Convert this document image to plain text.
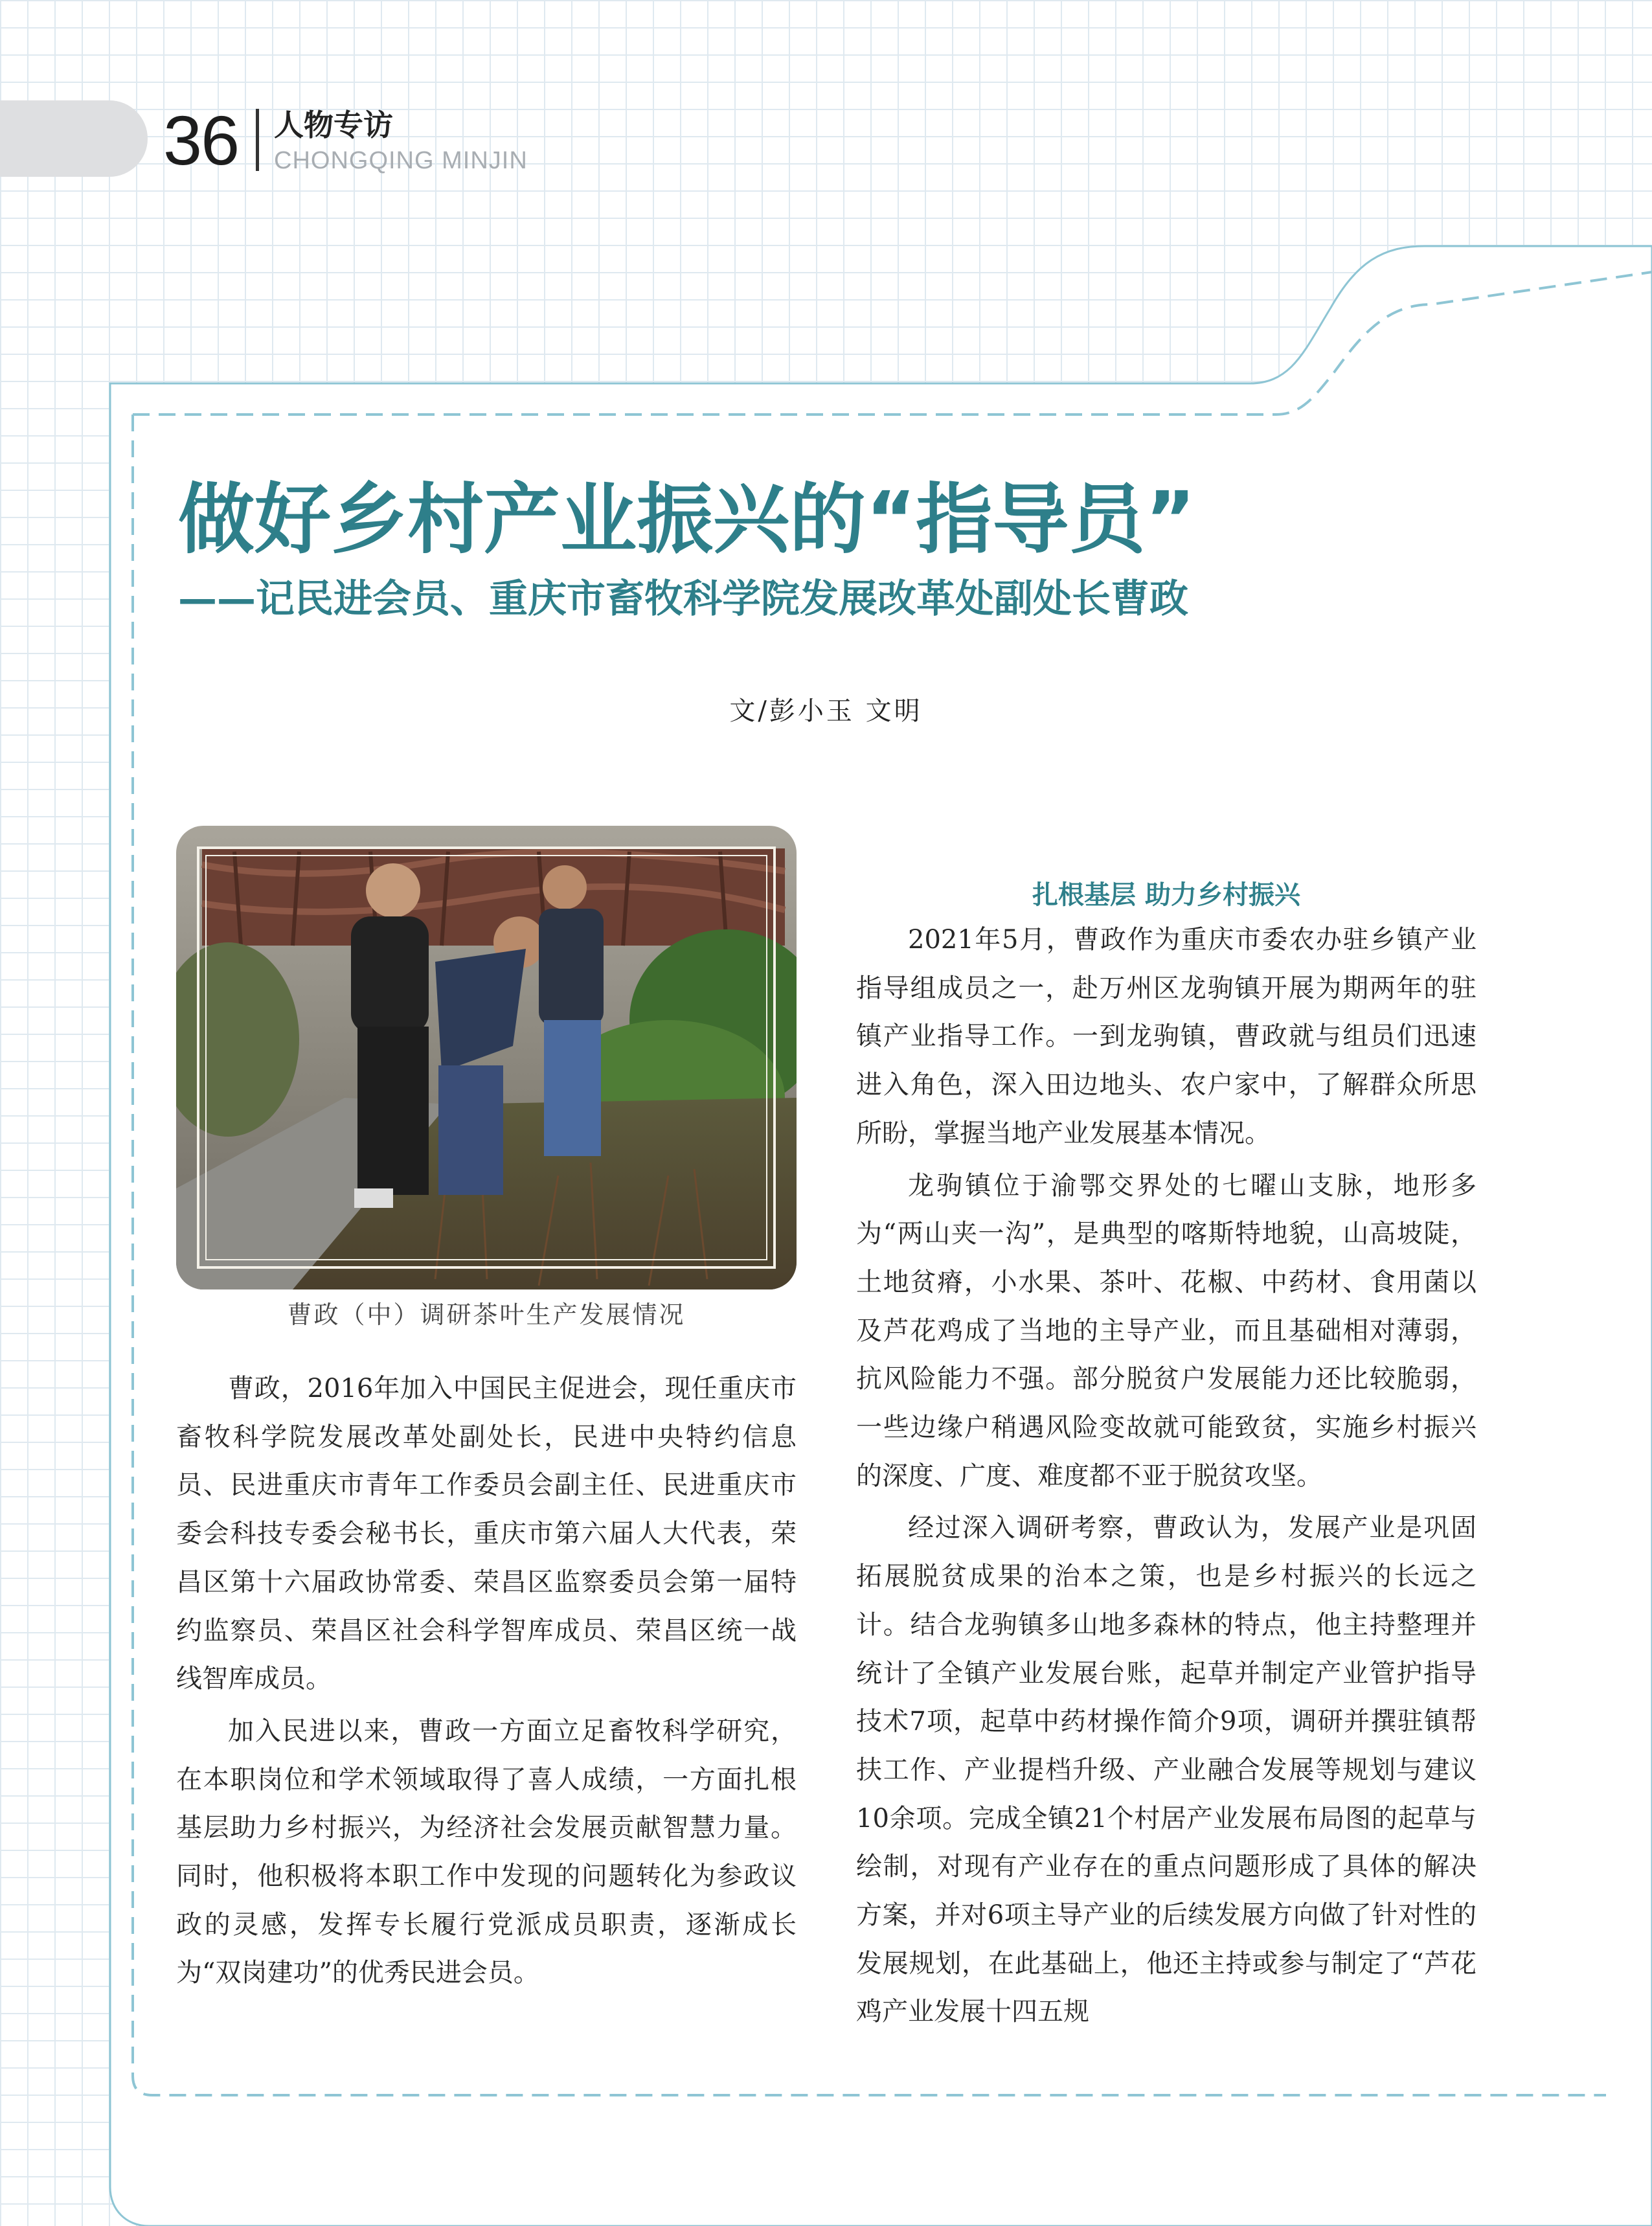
36 人物专访
CHONGQING MINJIN
做好乡村产业振兴的“指导员”
——记民进会员、重庆市畜牧科学院发展改革处副处长曹政
文/彭小玉 文明
曹政（中）调研茶叶生产发展情况

曹政，2016年加入中国民主促进会，现任重庆市畜牧科学院发展改革处副处长，民进中央特约信息员、民进重庆市青年工作委员会副主任、民进重庆市委会科技专委会秘书长，重庆市第六届人大代表，荣昌区第十六届政协常委、荣昌区监察委员会第一届特约监察员、荣昌区社会科学智库成员、荣昌区统一战线智库成员。

加入民进以来，曹政一方面立足畜牧科学研究，在本职岗位和学术领域取得了喜人成绩，一方面扎根基层助力乡村振兴，为经济社会发展贡献智慧力量。同时，他积极将本职工作中发现的问题转化为参政议政的灵感，发挥专长履行党派成员职责，逐渐成长为“双岗建功”的优秀民进会员。

扎根基层 助力乡村振兴

2021年5月，曹政作为重庆市委农办驻乡镇产业指导组成员之一，赴万州区龙驹镇开展为期两年的驻镇产业指导工作。一到龙驹镇，曹政就与组员们迅速进入角色，深入田边地头、农户家中，了解群众所思所盼，掌握当地产业发展基本情况。

龙驹镇位于渝鄂交界处的七曜山支脉，地形多为“两山夹一沟”，是典型的喀斯特地貌，山高坡陡，土地贫瘠，小水果、茶叶、花椒、中药材、食用菌以及芦花鸡成了当地的主导产业，而且基础相对薄弱，抗风险能力不强。部分脱贫户发展能力还比较脆弱，一些边缘户稍遇风险变故就可能致贫，实施乡村振兴的深度、广度、难度都不亚于脱贫攻坚。

经过深入调研考察，曹政认为，发展产业是巩固拓展脱贫成果的治本之策，也是乡村振兴的长远之计。结合龙驹镇多山地多森林的特点，他主持整理并统计了全镇产业发展台账，起草并制定产业管护指导技术7项，起草中药材操作简介9项，调研并撰驻镇帮扶工作、产业提档升级、产业融合发展等规划与建议10余项。完成全镇21个村居产业发展布局图的起草与绘制，对现有产业存在的重点问题形成了具体的解决方案，并对6项主导产业的后续发展方向做了针对性的发展规划，在此基础上，他还主持或参与制定了“芦花鸡产业发展十四五规
